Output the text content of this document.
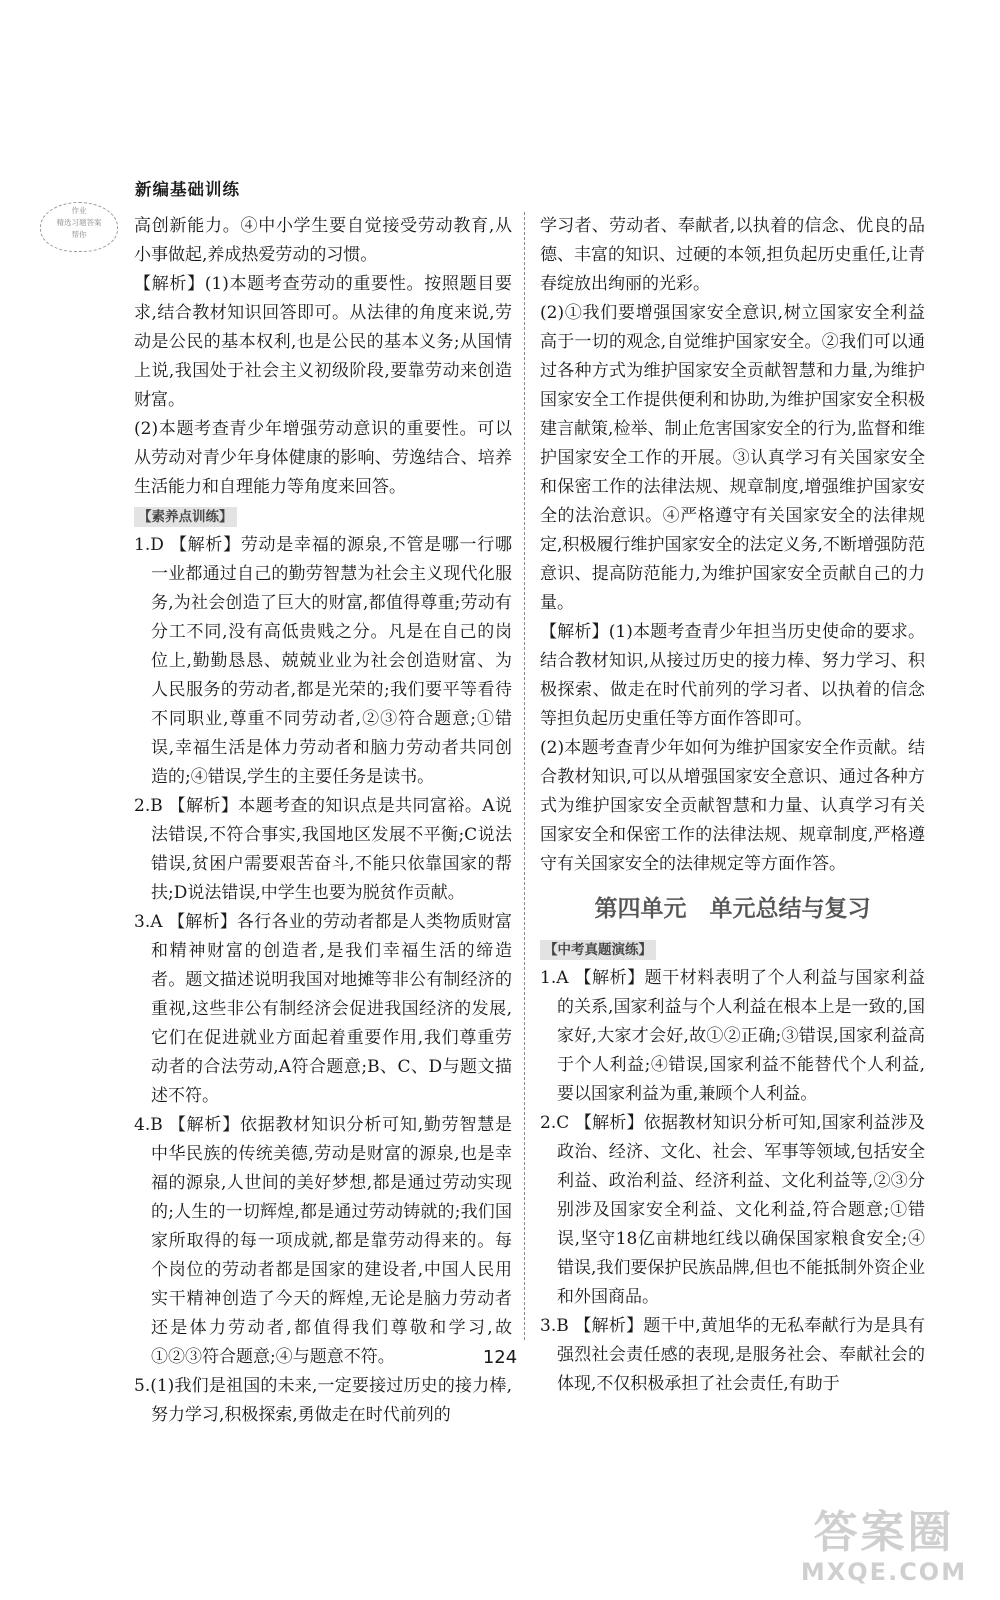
新编基础训练
作业
精选习题答案
帮你	高创新能力。④中小学生要自觉接受劳动教育,从小事做起,养成热爱劳动的习惯。

【解析】(1)本题考查劳动的重要性。按照题目要求,结合教材知识回答即可。从法律的角度来说,劳动是公民的基本权利,也是公民的基本义务;从国情上说,我国处于社会主义初级阶段,要靠劳动来创造财富。

(2)本题考查青少年增强劳动意识的重要性。可以从劳动对青少年身体健康的影响、劳逸结合、培养生活能力和自理能力等角度来回答。

【素养点训练】

1.D 【解析】劳动是幸福的源泉,不管是哪一行哪一业都通过自己的勤劳智慧为社会主义现代化服务,为社会创造了巨大的财富,都值得尊重;劳动有分工不同,没有高低贵贱之分。凡是在自己的岗位上,勤勤恳恳、兢兢业业为社会创造财富、为人民服务的劳动者,都是光荣的;我们要平等看待不同职业,尊重不同劳动者,②③符合题意;①错误,幸福生活是体力劳动者和脑力劳动者共同创造的;④错误,学生的主要任务是读书。

2.B 【解析】本题考查的知识点是共同富裕。A说法错误,不符合事实,我国地区发展不平衡;C说法错误,贫困户需要艰苦奋斗,不能只依靠国家的帮扶;D说法错误,中学生也要为脱贫作贡献。

3.A 【解析】各行各业的劳动者都是人类物质财富和精神财富的创造者,是我们幸福生活的缔造者。题文描述说明我国对地摊等非公有制经济的重视,这些非公有制经济会促进我国经济的发展,它们在促进就业方面起着重要作用,我们尊重劳动者的合法劳动,A符合题意;B、C、D与题文描述不符。

4.B 【解析】依据教材知识分析可知,勤劳智慧是中华民族的传统美德,劳动是财富的源泉,也是幸福的源泉,人世间的美好梦想,都是通过劳动实现的;人生的一切辉煌,都是通过劳动铸就的;我们国家所取得的每一项成就,都是靠劳动得来的。每个岗位的劳动者都是国家的建设者,中国人民用实干精神创造了今天的辉煌,无论是脑力劳动者还是体力劳动者,都值得我们尊敬和学习,故①②③符合题意;④与题意不符。

5.(1)我们是祖国的未来,一定要接过历史的接力棒,努力学习,积极探索,勇做走在时代前列的

学习者、劳动者、奉献者,以执着的信念、优良的品德、丰富的知识、过硬的本领,担负起历史重任,让青春绽放出绚丽的光彩。

(2)①我们要增强国家安全意识,树立国家安全利益高于一切的观念,自觉维护国家安全。②我们可以通过各种方式为维护国家安全贡献智慧和力量,为维护国家安全工作提供便利和协助,为维护国家安全积极建言献策,检举、制止危害国家安全的行为,监督和维护国家安全工作的开展。③认真学习有关国家安全和保密工作的法律法规、规章制度,增强维护国家安全的法治意识。④严格遵守有关国家安全的法律规定,积极履行维护国家安全的法定义务,不断增强防范意识、提高防范能力,为维护国家安全贡献自己的力量。

【解析】(1)本题考查青少年担当历史使命的要求。结合教材知识,从接过历史的接力棒、努力学习、积极探索、做走在时代前列的学习者、以执着的信念等担负起历史重任等方面作答即可。

(2)本题考查青少年如何为维护国家安全作贡献。结合教材知识,可以从增强国家安全意识、通过各种方式为维护国家安全贡献智慧和力量、认真学习有关国家安全和保密工作的法律法规、规章制度,严格遵守有关国家安全的法律规定等方面作答。

第四单元　单元总结与复习
【中考真题演练】

1.A 【解析】题干材料表明了个人利益与国家利益的关系,国家利益与个人利益在根本上是一致的,国家好,大家才会好,故①②正确;③错误,国家利益高于个人利益;④错误,国家利益不能替代个人利益,要以国家利益为重,兼顾个人利益。

2.C 【解析】依据教材知识分析可知,国家利益涉及政治、经济、文化、社会、军事等领域,包括安全利益、政治利益、经济利益、文化利益等,②③分别涉及国家安全利益、文化利益,符合题意;①错误,坚守18亿亩耕地红线以确保国家粮食安全;④错误,我们要保护民族品牌,但也不能抵制外资企业和外国商品。

3.B 【解析】题干中,黄旭华的无私奉献行为是具有强烈社会责任感的表现,是服务社会、奉献社会的体现,不仅积极承担了社会责任,有助于

124
答案圈
MXQE.COM
